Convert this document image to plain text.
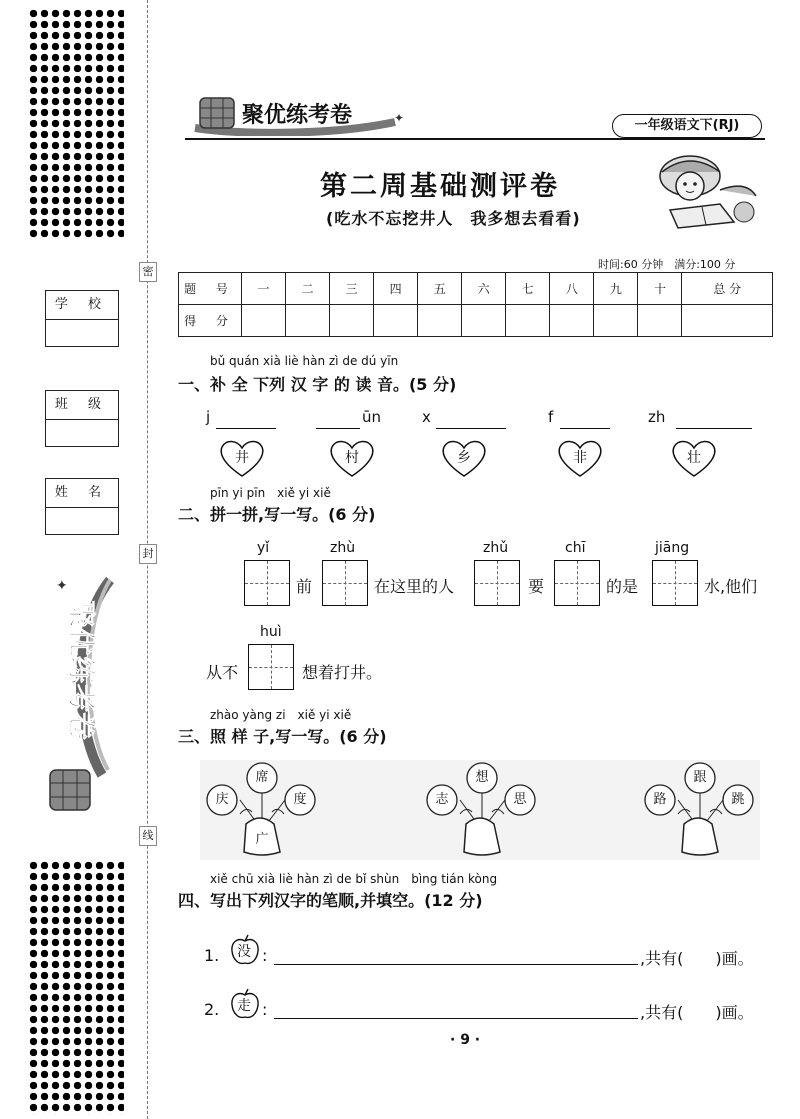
密
封
线
学 校
班 级
姓 名
聚优练考卷
✦
聚优练考卷	✦	一年级语文下(RJ)
第二周基础测评卷
(吃水不忘挖井人　我多想去看看)
时间:60 分钟　满分:100 分
题 号	一	二	三	四	五	六	七	八	九	十	总 分
得 分											
bǔ quán xià liè hàn zì de dú yīn
一、补 全 下列 汉 字 的 读 音。(5 分)
j	ūn	x	f	zh
井	村	乡	非	壮
pīn yi pīn　xiě yi xiě
二、拼一拼,写一写。(6 分)
yǐ	zhù	zhǔ	chī	jiāng
前	在这里的人	要	的是	水,他们
huì
从不	想着打井。
zhào yàng zi　xiě yi xiě
三、照 样 子,写一写。(6 分)
席
庆	度
广
想
志	思
跟
路	跳
xiě chū xià liè hàn zì de bǐ shùn　bìng tián kòng
四、写出下列汉字的笔顺,并填空。(12 分)
1.	没 :	,共有(　　)画。
2.	走 :	,共有(　　)画。
· 9 ·
